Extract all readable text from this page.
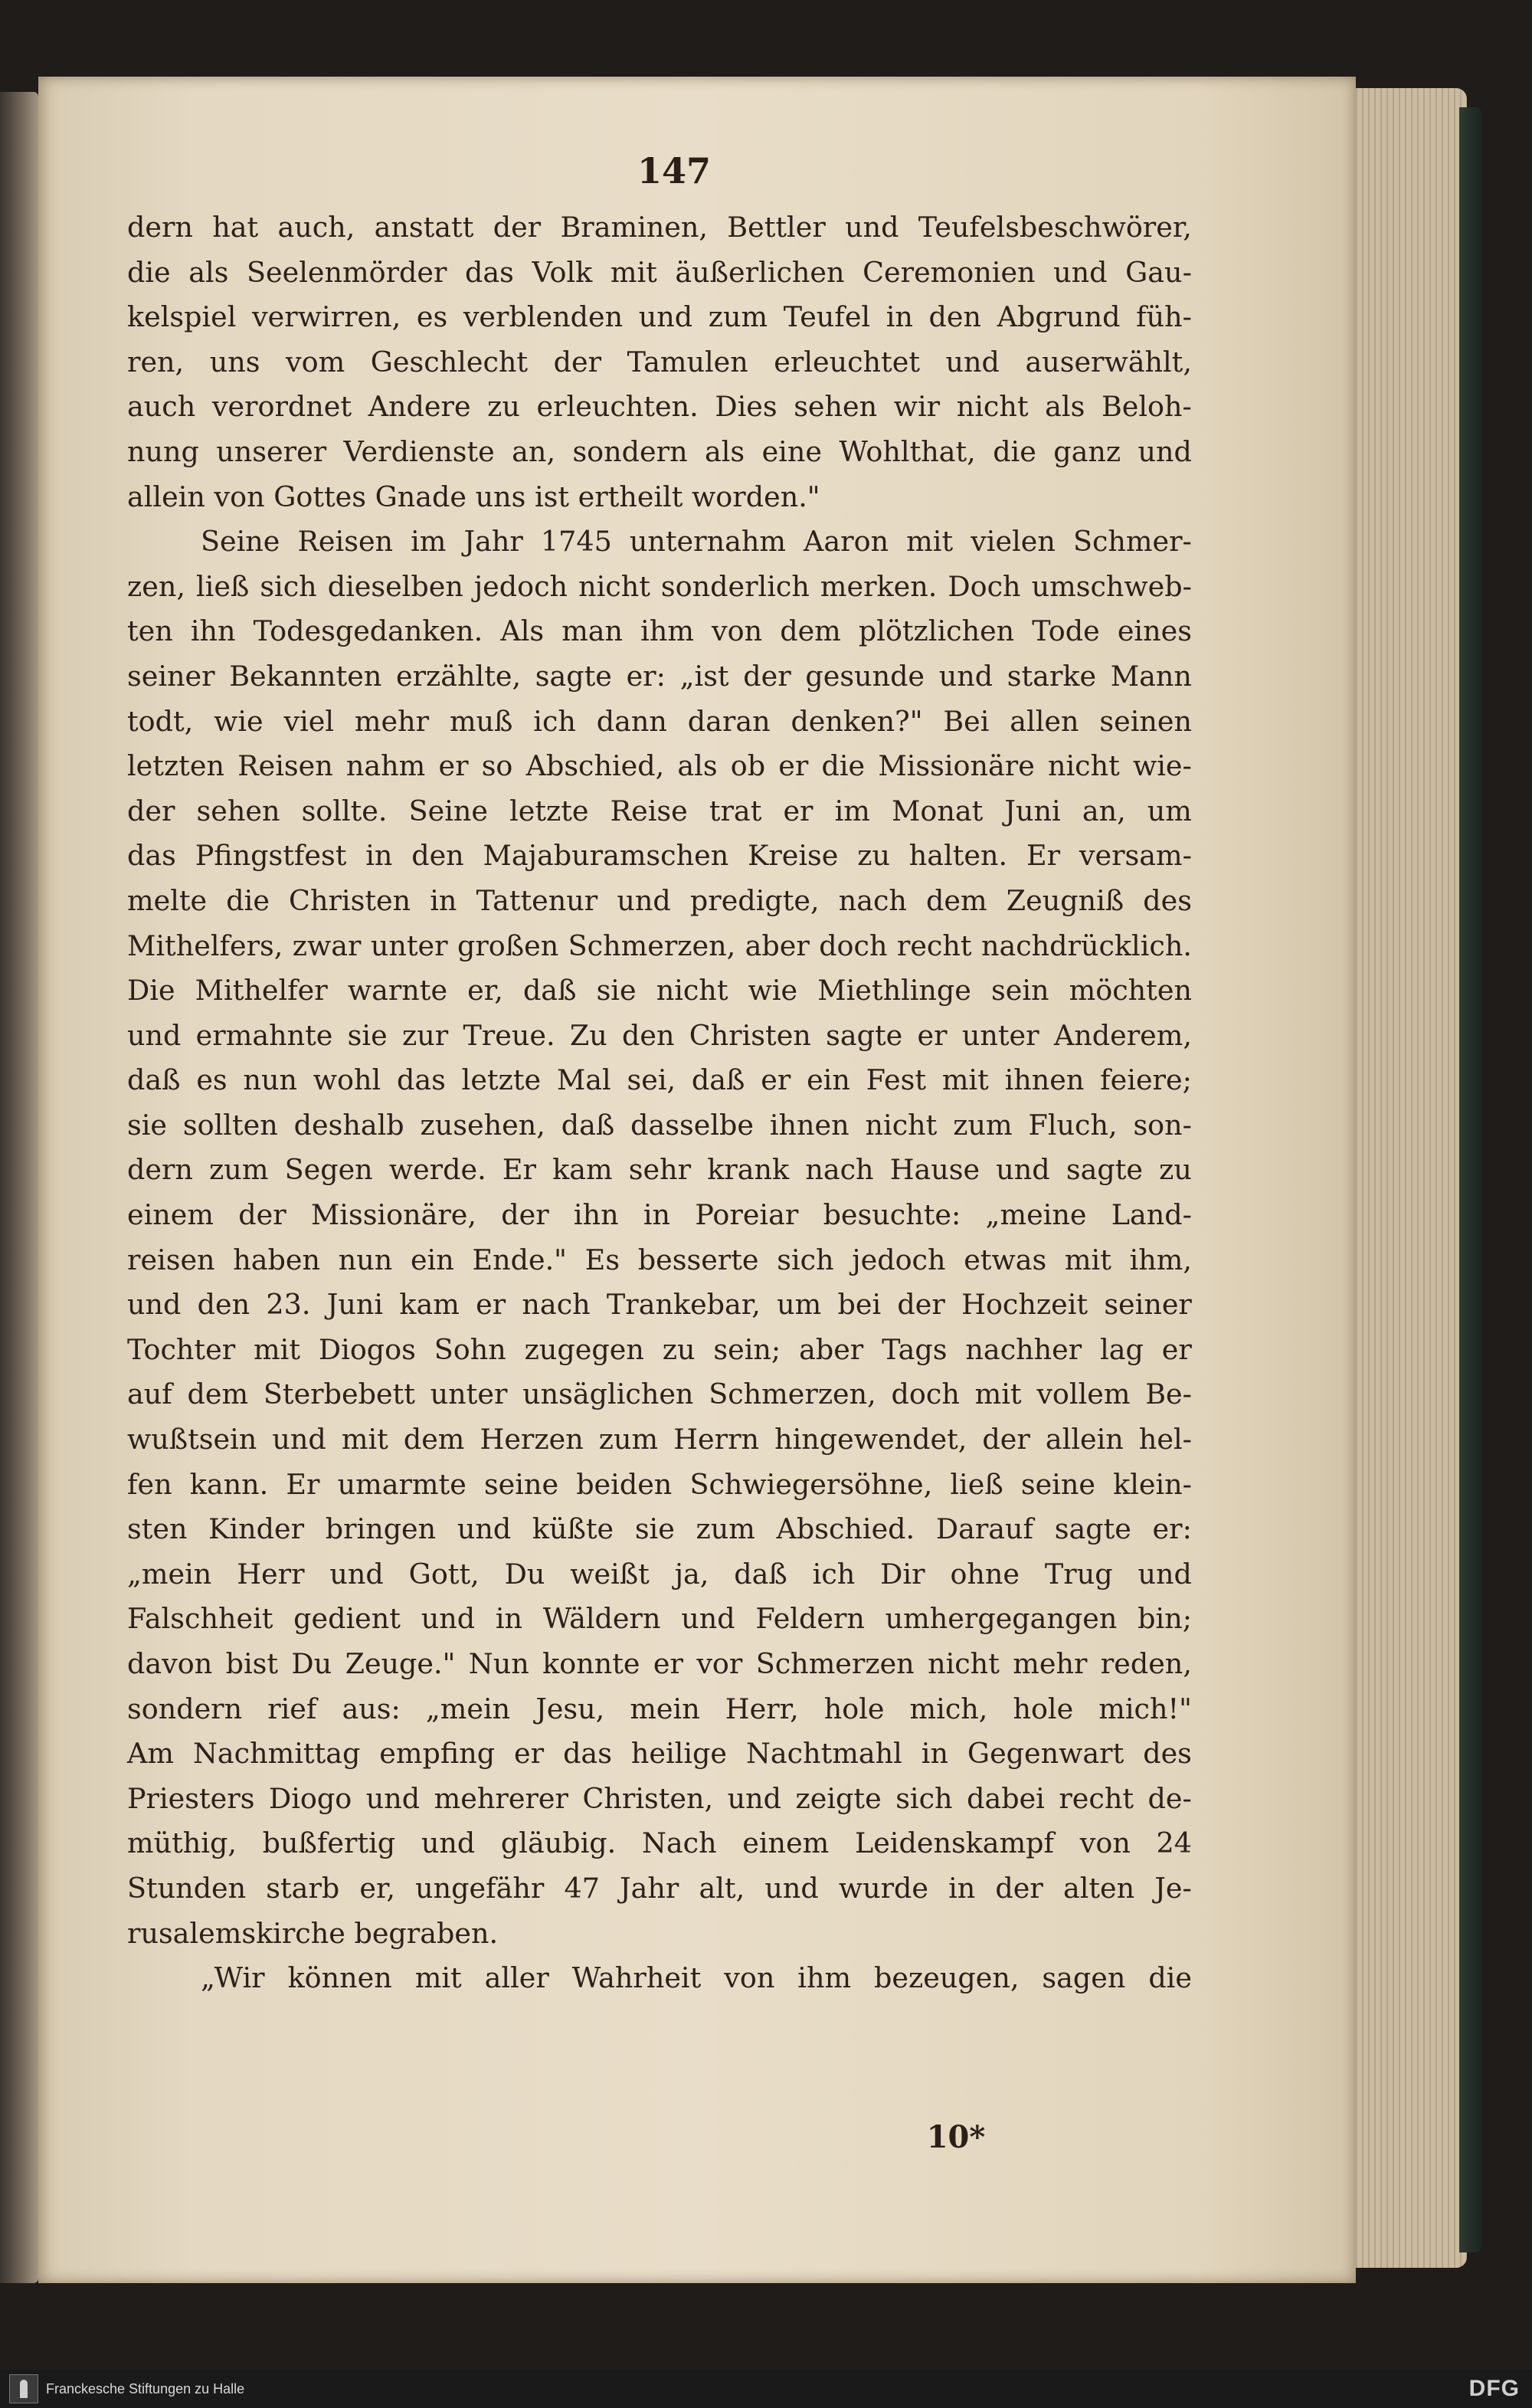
147
dern hat auch, anstatt der Braminen, Bettler und Teufelsbeschwörer,
die als Seelenmörder das Volk mit äußerlichen Ceremonien und Gau-
kelspiel verwirren, es verblenden und zum Teufel in den Abgrund füh-
ren, uns vom Geschlecht der Tamulen erleuchtet und auserwählt,
auch verordnet Andere zu erleuchten. Dies sehen wir nicht als Beloh-
nung unserer Verdienste an, sondern als eine Wohlthat, die ganz und
allein von Gottes Gnade uns ist ertheilt worden."
Seine Reisen im Jahr 1745 unternahm Aaron mit vielen Schmer-
zen, ließ sich dieselben jedoch nicht sonderlich merken. Doch umschweb-
ten ihn Todesgedanken. Als man ihm von dem plötzlichen Tode eines
seiner Bekannten erzählte, sagte er: „ist der gesunde und starke Mann
todt, wie viel mehr muß ich dann daran denken?" Bei allen seinen
letzten Reisen nahm er so Abschied, als ob er die Missionäre nicht wie-
der sehen sollte. Seine letzte Reise trat er im Monat Juni an, um
das Pfingstfest in den Majaburamschen Kreise zu halten. Er versam-
melte die Christen in Tattenur und predigte, nach dem Zeugniß des
Mithelfers, zwar unter großen Schmerzen, aber doch recht nachdrücklich.
Die Mithelfer warnte er, daß sie nicht wie Miethlinge sein möchten
und ermahnte sie zur Treue. Zu den Christen sagte er unter Anderem,
daß es nun wohl das letzte Mal sei, daß er ein Fest mit ihnen feiere;
sie sollten deshalb zusehen, daß dasselbe ihnen nicht zum Fluch, son-
dern zum Segen werde. Er kam sehr krank nach Hause und sagte zu
einem der Missionäre, der ihn in Poreiar besuchte: „meine Land-
reisen haben nun ein Ende." Es besserte sich jedoch etwas mit ihm,
und den 23. Juni kam er nach Trankebar, um bei der Hochzeit seiner
Tochter mit Diogos Sohn zugegen zu sein; aber Tags nachher lag er
auf dem Sterbebett unter unsäglichen Schmerzen, doch mit vollem Be-
wußtsein und mit dem Herzen zum Herrn hingewendet, der allein hel-
fen kann. Er umarmte seine beiden Schwiegersöhne, ließ seine klein-
sten Kinder bringen und küßte sie zum Abschied. Darauf sagte er:
„mein Herr und Gott, Du weißt ja, daß ich Dir ohne Trug und
Falschheit gedient und in Wäldern und Feldern umhergegangen bin;
davon bist Du Zeuge." Nun konnte er vor Schmerzen nicht mehr reden,
sondern rief aus: „mein Jesu, mein Herr, hole mich, hole mich!"
Am Nachmittag empfing er das heilige Nachtmahl in Gegenwart des
Priesters Diogo und mehrerer Christen, und zeigte sich dabei recht de-
müthig, bußfertig und gläubig. Nach einem Leidenskampf von 24
Stunden starb er, ungefähr 47 Jahr alt, und wurde in der alten Je-
rusalemskirche begraben.
„Wir können mit aller Wahrheit von ihm bezeugen, sagen die
10*
Franckesche Stiftungen zu Halle	DFG
